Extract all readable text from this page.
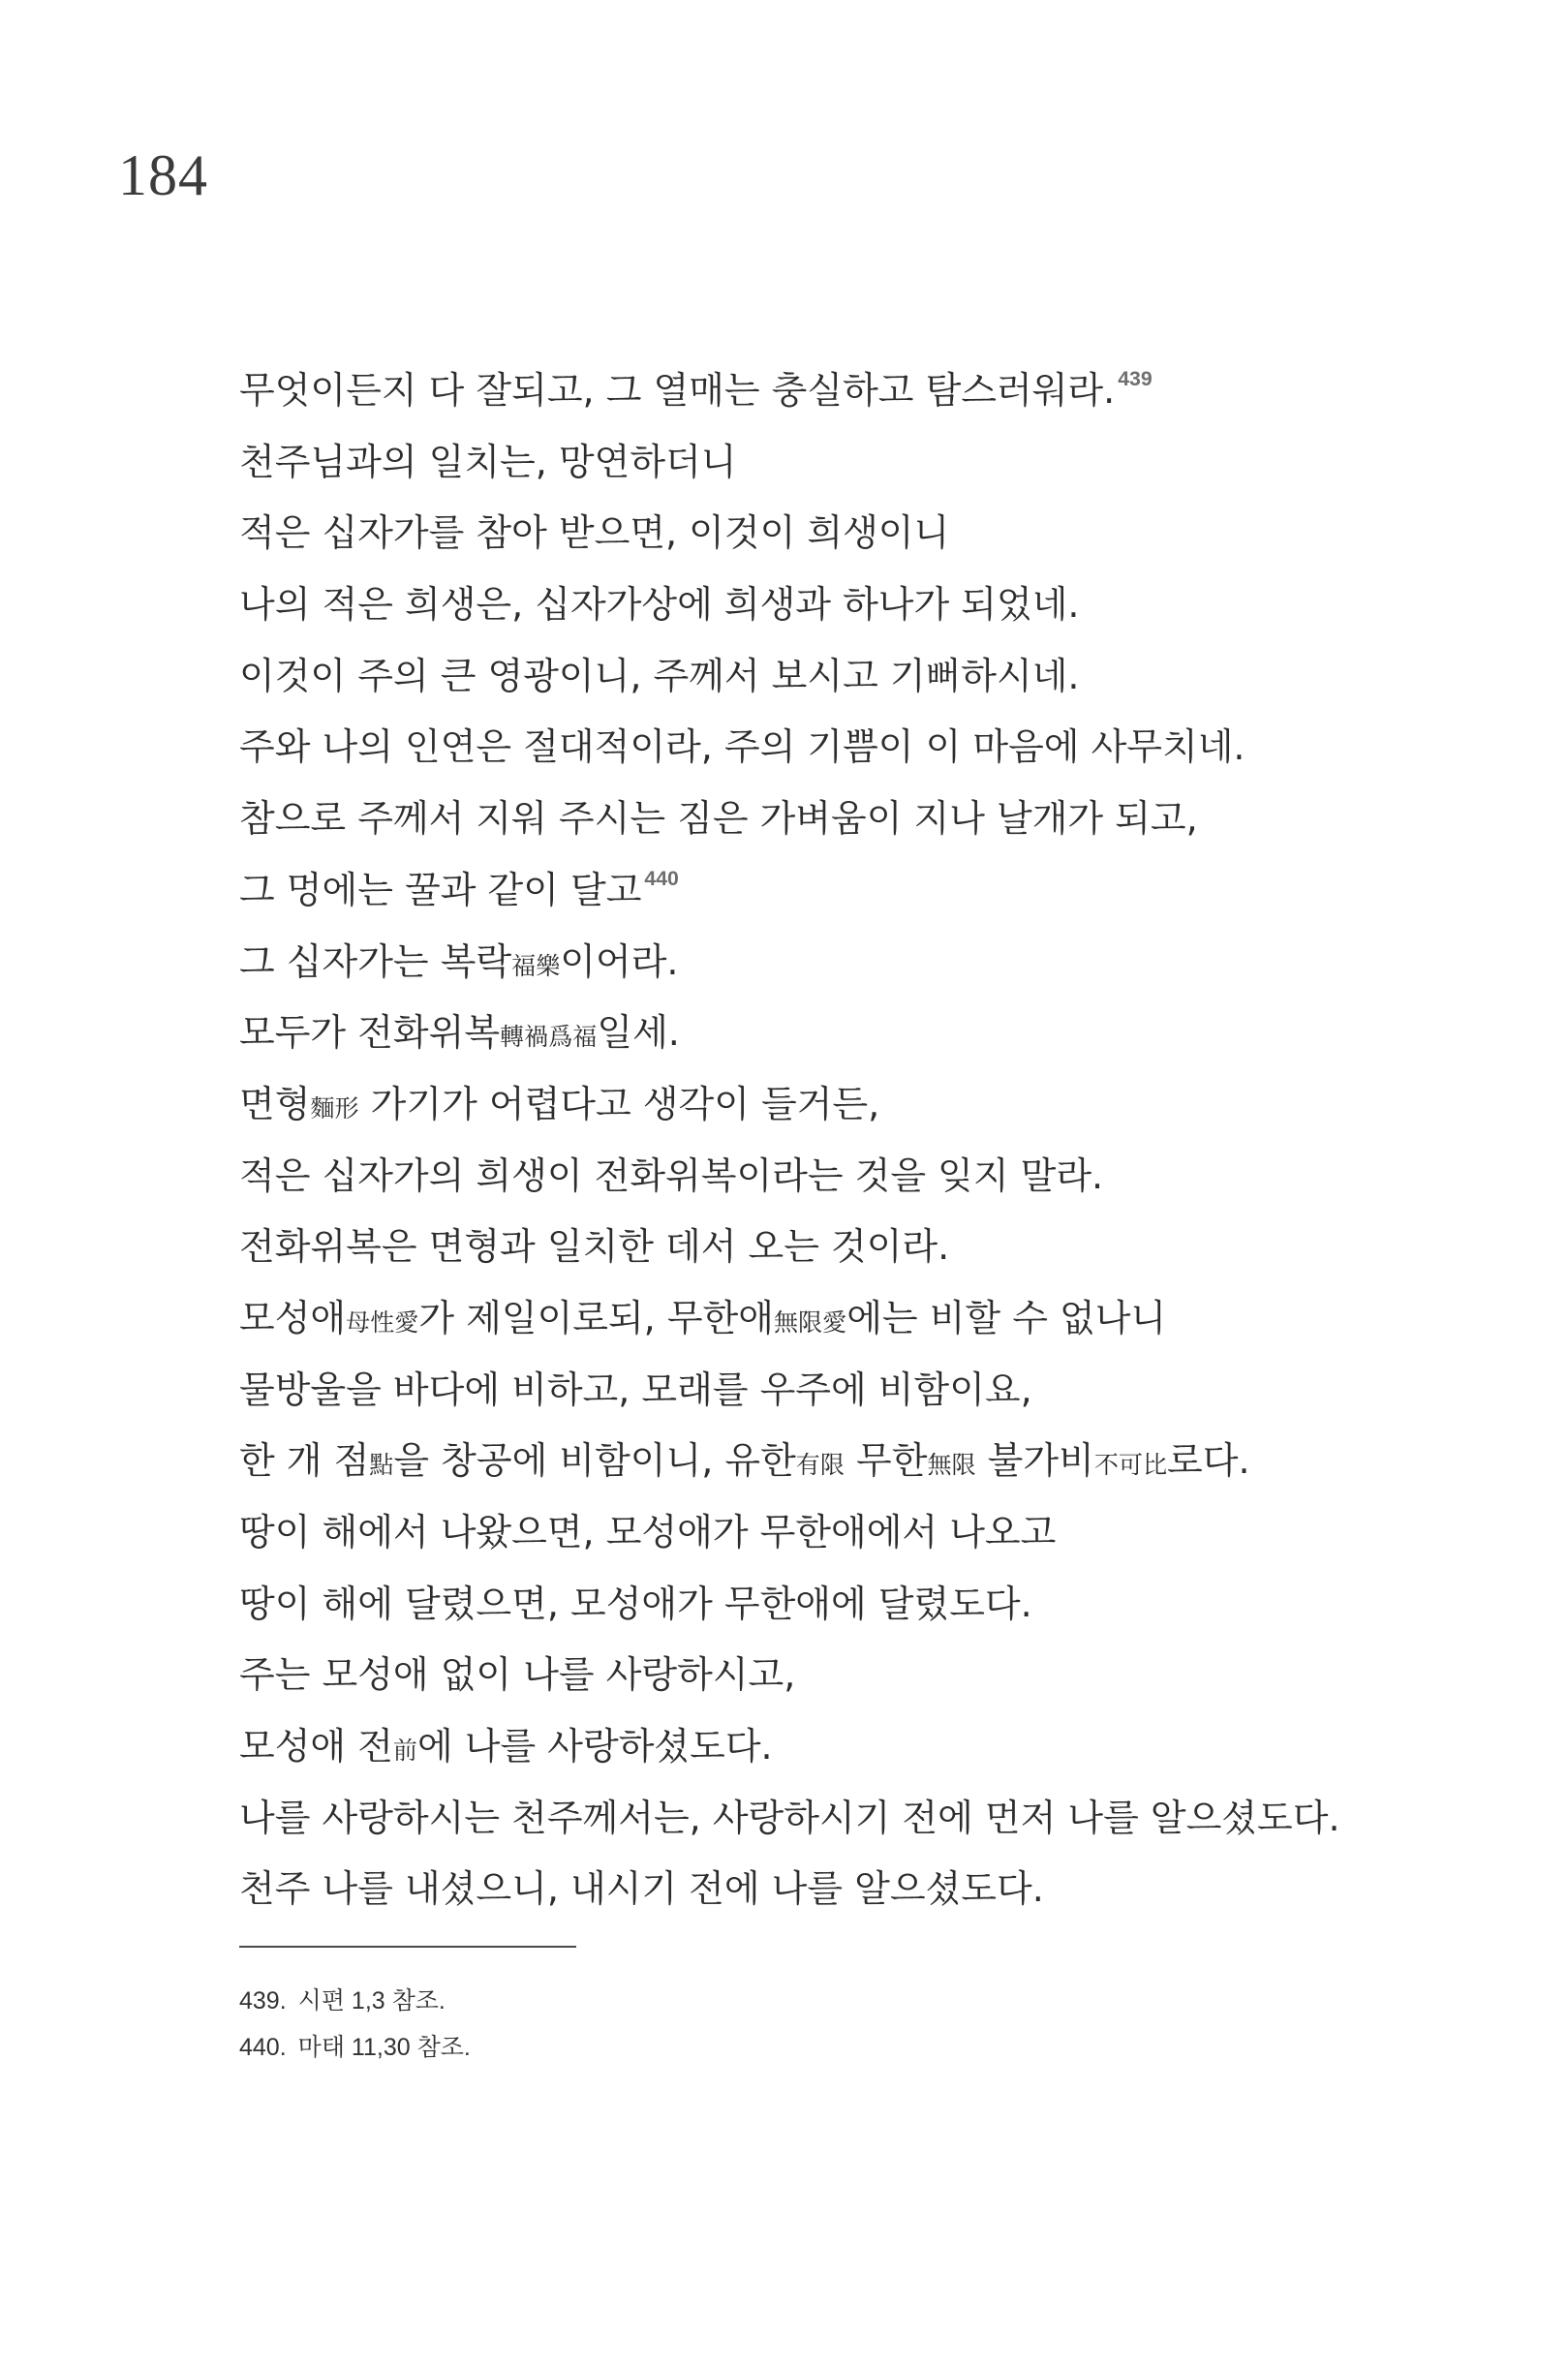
184
무엇이든지 다 잘되고, 그 열매는 충실하고 탐스러워라. $^{439}$
천주님과의 일치는, 망연하더니
적은 십자가를 참아 받으면, 이것이 희생이니
나의 적은 희생은, 십자가상에 희생과 하나가 되었네.
이것이 주의 큰 영광이니, 주께서 보시고 기뻐하시네.
주와 나의 인연은 절대적이라, 주의 기쁨이 이 마음에 사무치네.
참으로 주께서 지워 주시는 짐은 가벼움이 지나 날개가 되고,
그 멍에는 꿀과 같이 달고 $^{440}$
그 십자가는 복락福樂이어라.
모두가 전화위복轉禍爲福일세.
면형麵形 가기가 어렵다고 생각이 들거든,
적은 십자가의 희생이 전화위복이라는 것을 잊지 말라.
전화위복은 면형과 일치한 데서 오는 것이라.
모성애母性愛가 제일이로되, 무한애無限愛에는 비할 수 없나니
물방울을 바다에 비하고, 모래를 우주에 비함이요,
한 개 점點을 창공에 비함이니, 유한有限 무한無限 불가비不可比로다.
땅이 해에서 나왔으면, 모성애가 무한애에서 나오고
땅이 해에 달렸으면, 모성애가 무한애에 달렸도다.
주는 모성애 없이 나를 사랑하시고,
모성애 전前에 나를 사랑하셨도다.
나를 사랑하시는 천주께서는, 사랑하시기 전에 먼저 나를 알으셨도다.
천주 나를 내셨으니, 내시기 전에 나를 알으셨도다.
439. 시편 1,3 참조.
440. 마태 11,30 참조.
